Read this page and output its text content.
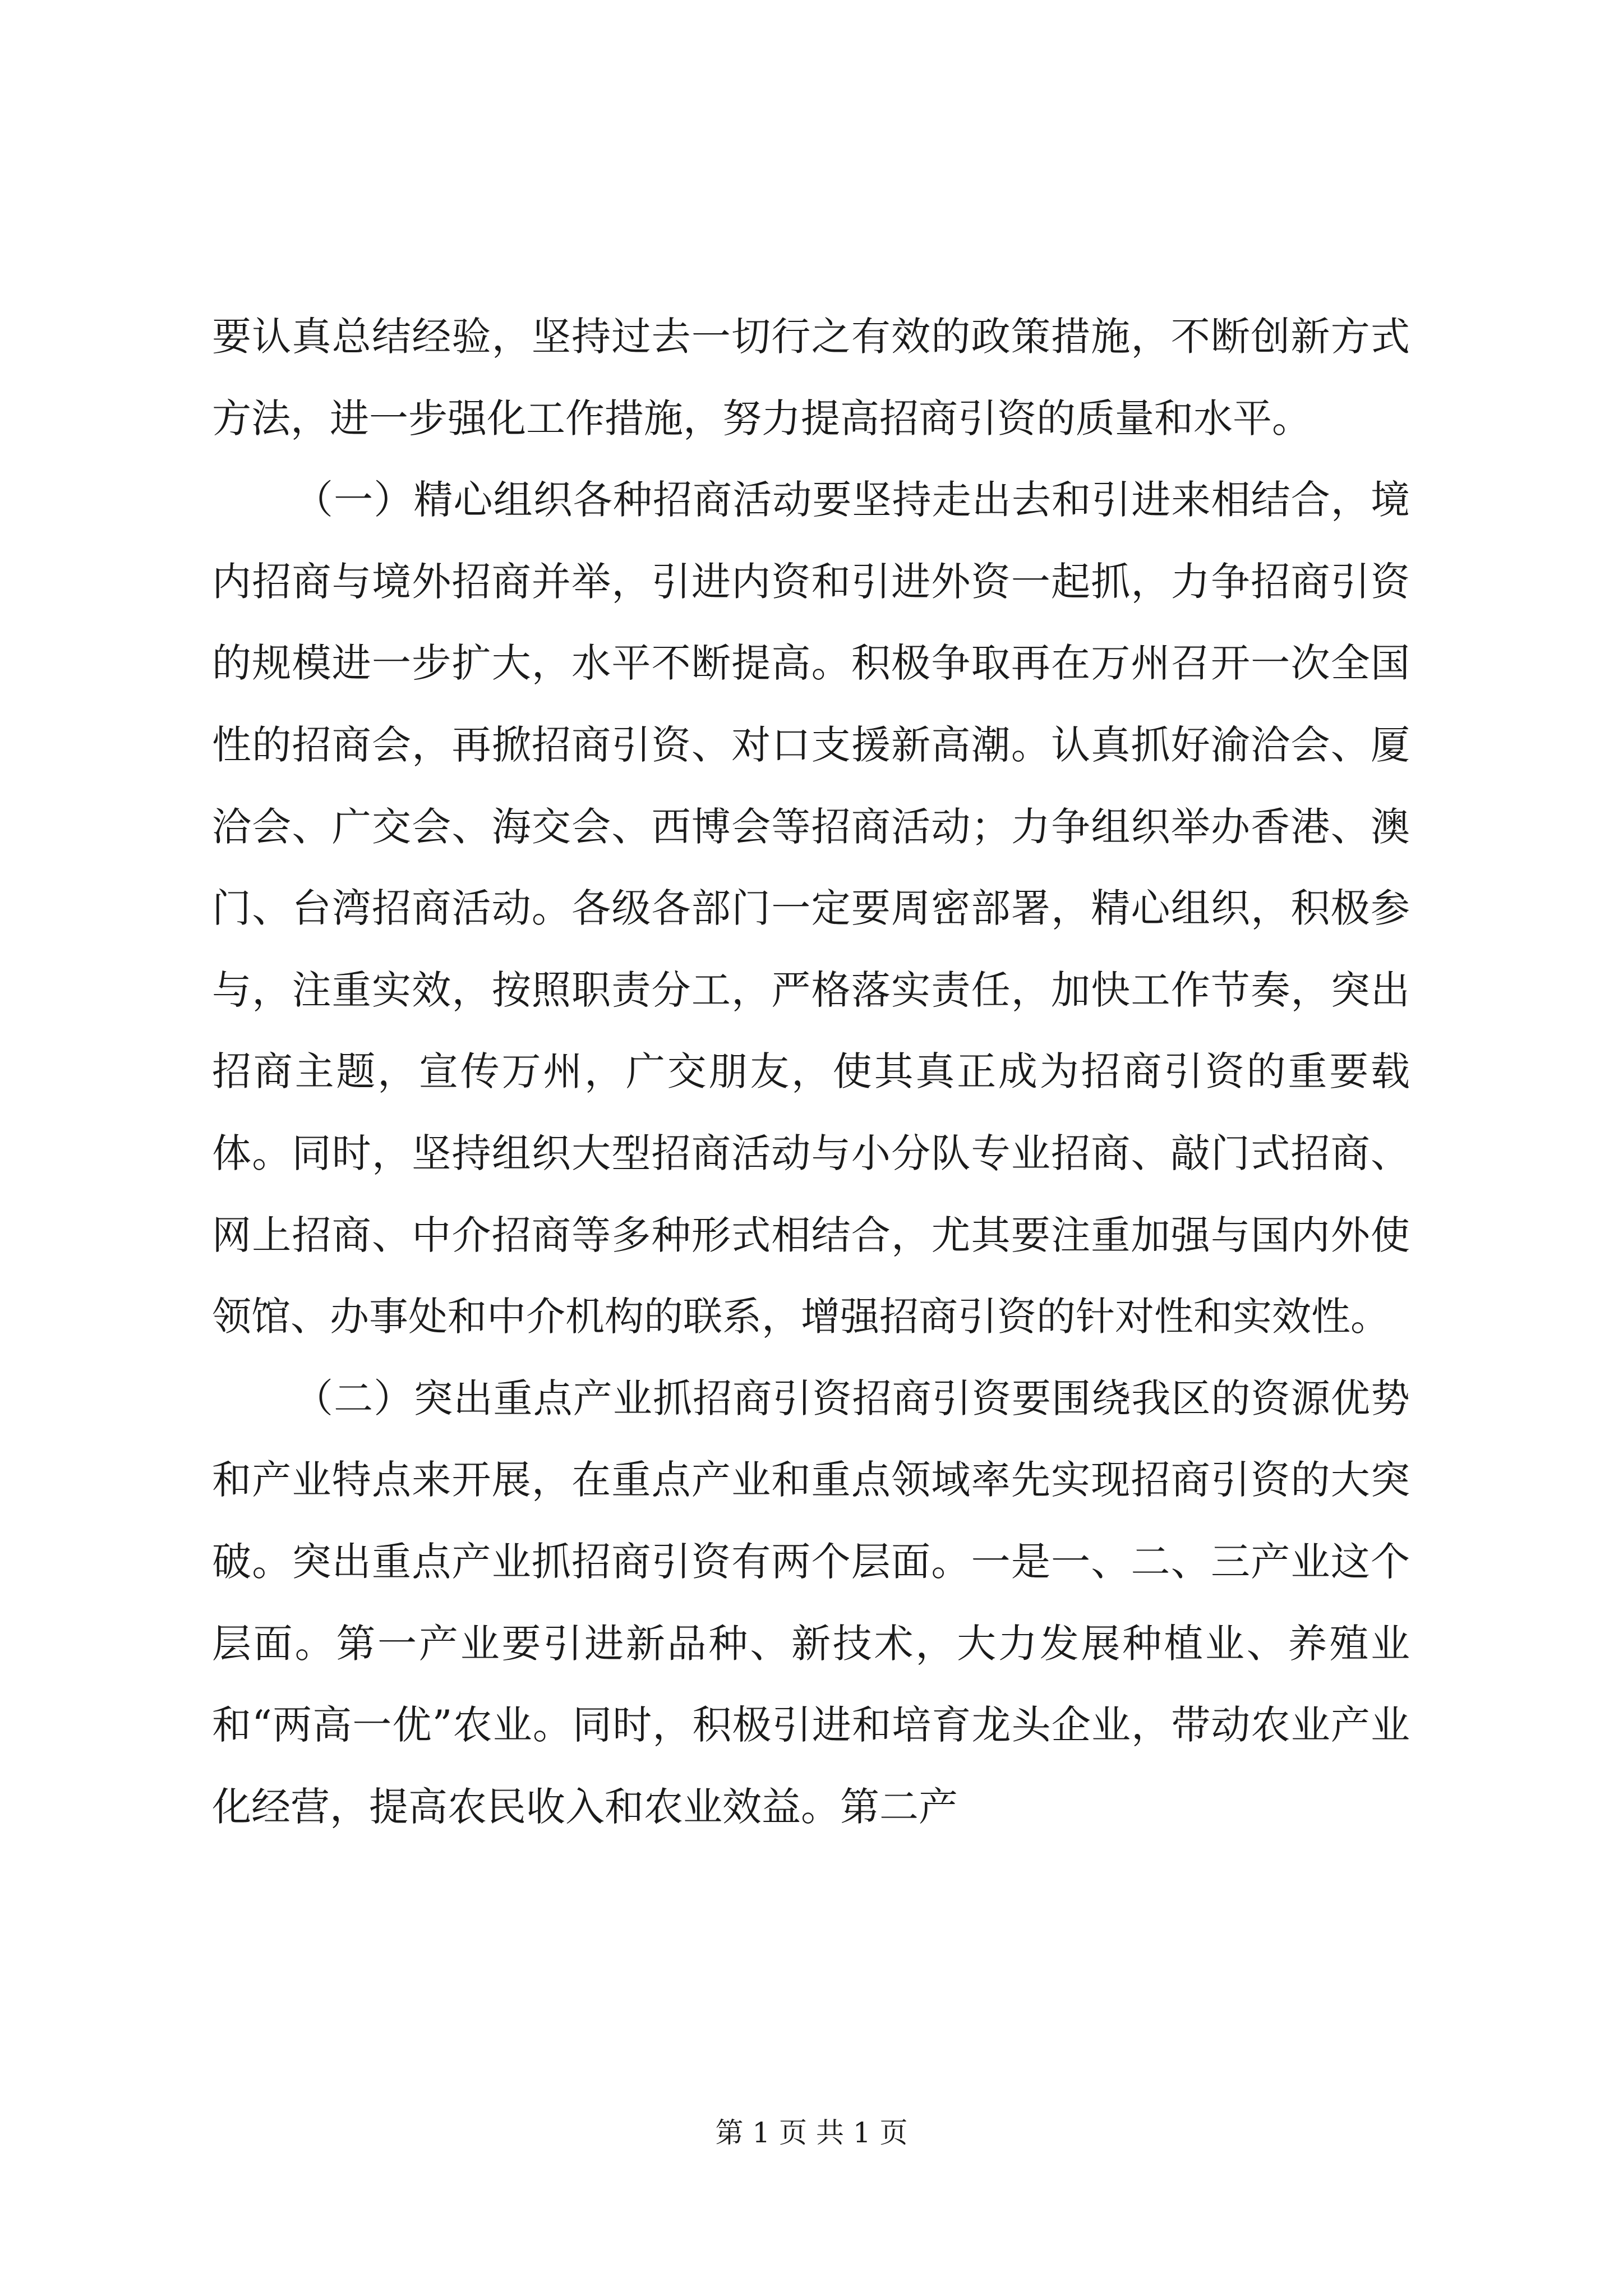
要认真总结经验，坚持过去一切行之有效的政策措施，不断创新方式方法，进一步强化工作措施，努力提高招商引资的质量和水平。

（一）精心组织各种招商活动要坚持走出去和引进来相结合，境内招商与境外招商并举，引进内资和引进外资一起抓，力争招商引资的规模进一步扩大，水平不断提高。积极争取再在万州召开一次全国性的招商会，再掀招商引资、对口支援新高潮。认真抓好渝洽会、厦洽会、广交会、海交会、西博会等招商活动；力争组织举办香港、澳门、台湾招商活动。各级各部门一定要周密部署，精心组织，积极参与，注重实效，按照职责分工，严格落实责任，加快工作节奏，突出招商主题，宣传万州，广交朋友，使其真正成为招商引资的重要载体。同时，坚持组织大型招商活动与小分队专业招商、敲门式招商、网上招商、中介招商等多种形式相结合，尤其要注重加强与国内外使领馆、办事处和中介机构的联系，增强招商引资的针对性和实效性。

（二）突出重点产业抓招商引资招商引资要围绕我区的资源优势和产业特点来开展，在重点产业和重点领域率先实现招商引资的大突破。突出重点产业抓招商引资有两个层面。一是一、二、三产业这个层面。第一产业要引进新品种、新技术，大力发展种植业、养殖业和“两高一优”农业。同时，积极引进和培育龙头企业，带动农业产业化经营，提高农民收入和农业效益。第二产

第 1 页 共 1 页
